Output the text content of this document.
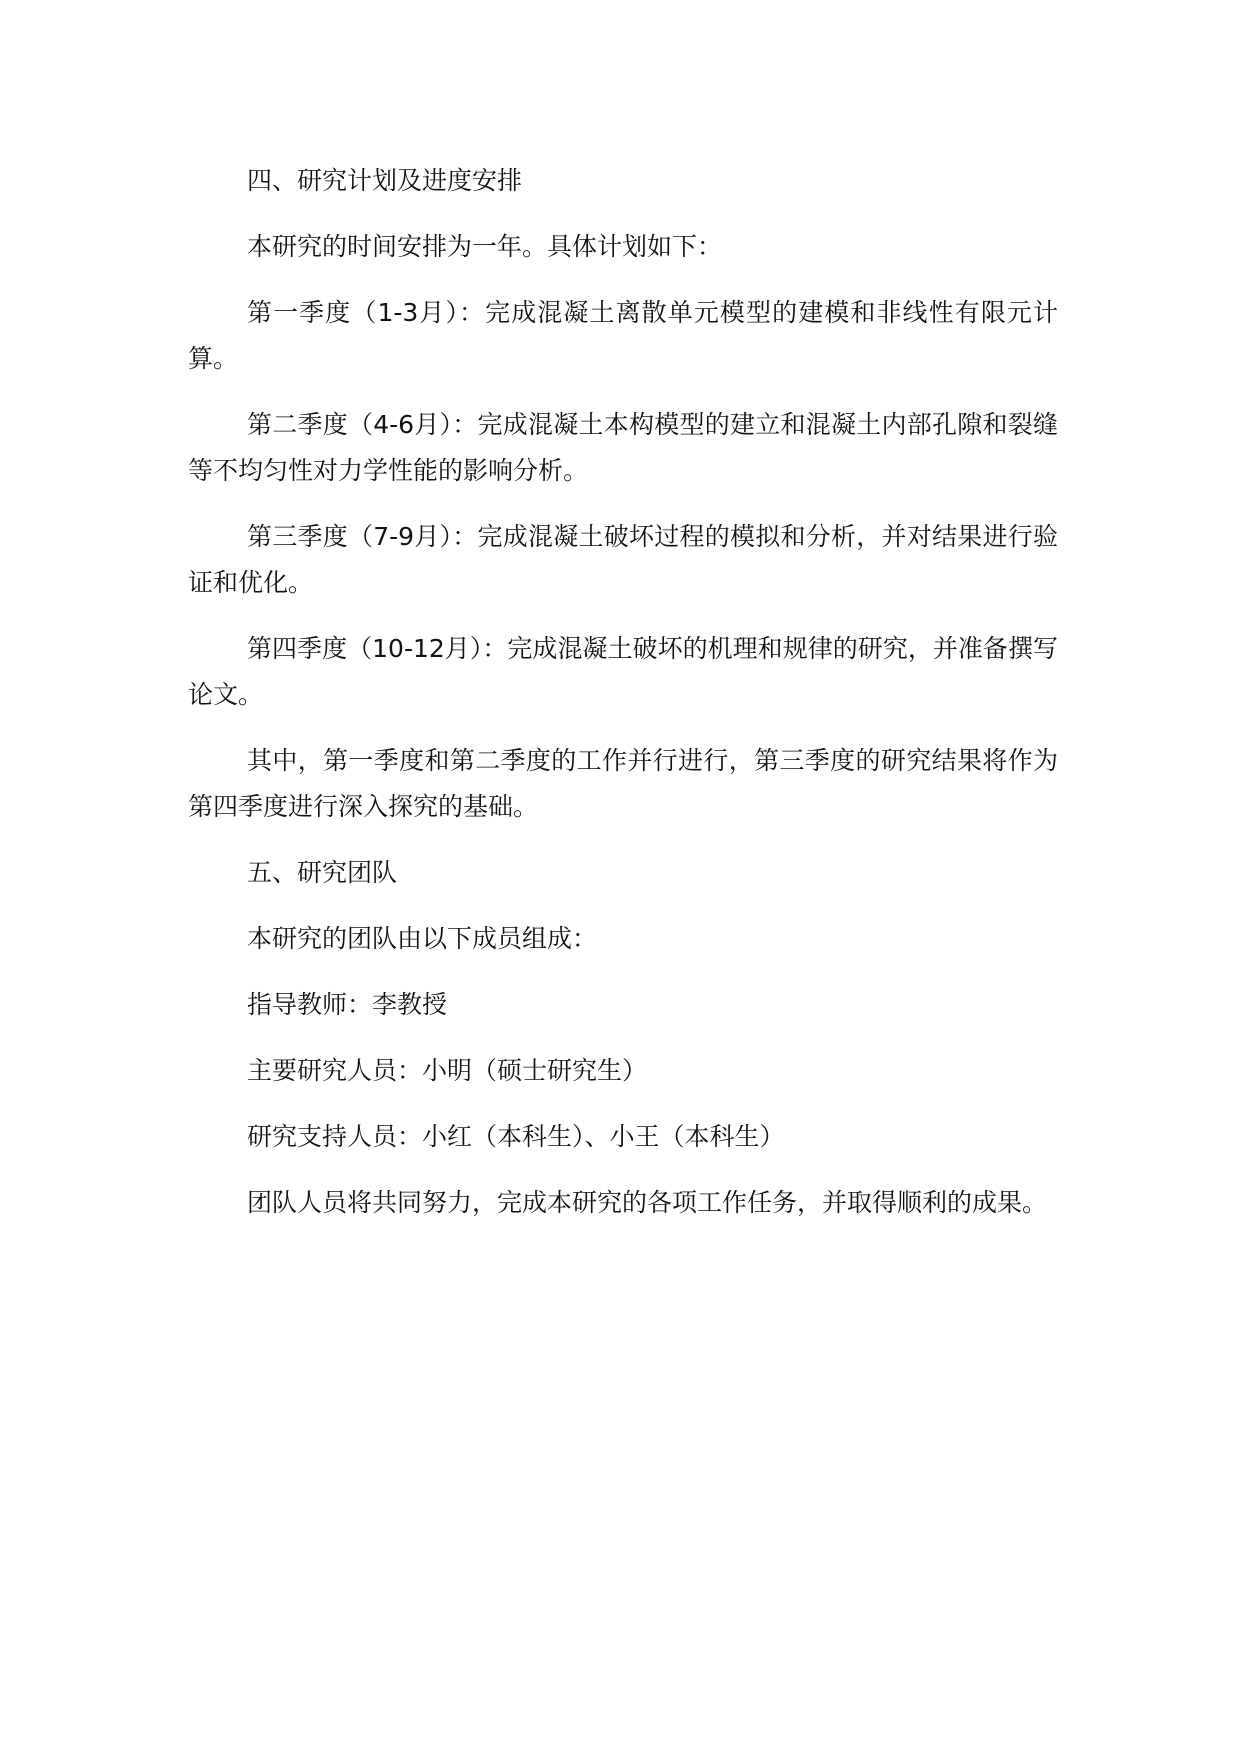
四、研究计划及进度安排

本研究的时间安排为一年。具体计划如下：

第一季度（1-3月）：完成混凝土离散单元模型的建模和非线性有限元计算。

第二季度（4-6月）：完成混凝土本构模型的建立和混凝土内部孔隙和裂缝等不均匀性对力学性能的影响分析。

第三季度（7-9月）：完成混凝土破坏过程的模拟和分析，并对结果进行验证和优化。

第四季度（10-12月）：完成混凝土破坏的机理和规律的研究，并准备撰写论文。

其中，第一季度和第二季度的工作并行进行，第三季度的研究结果将作为第四季度进行深入探究的基础。

五、研究团队

本研究的团队由以下成员组成：

指导教师：李教授

主要研究人员：小明（硕士研究生）

研究支持人员：小红（本科生）、小王（本科生）

团队人员将共同努力，完成本研究的各项工作任务，并取得顺利的成果。
